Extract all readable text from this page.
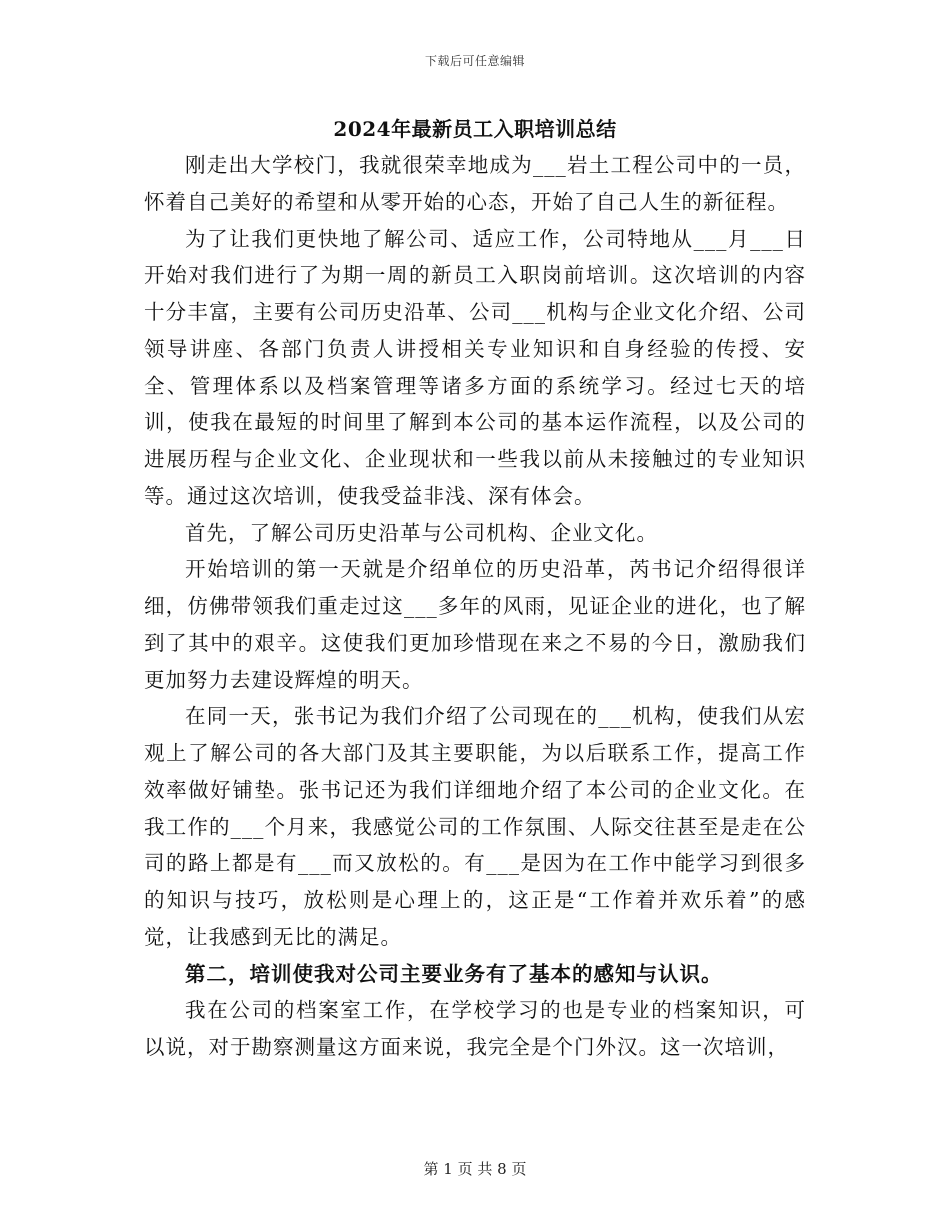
下载后可任意编辑
2024年最新员工入职培训总结

刚走出大学校门，我就很荣幸地成为___岩土工程公司中的一员，怀着自己美好的希望和从零开始的心态，开始了自己人生的新征程。

为了让我们更快地了解公司、适应工作，公司特地从___月___日开始对我们进行了为期一周的新员工入职岗前培训。这次培训的内容十分丰富，主要有公司历史沿革、公司___机构与企业文化介绍、公司领导讲座、各部门负责人讲授相关专业知识和自身经验的传授、安全、管理体系以及档案管理等诸多方面的系统学习。经过七天的培训，使我在最短的时间里了解到本公司的基本运作流程，以及公司的进展历程与企业文化、企业现状和一些我以前从未接触过的专业知识等。通过这次培训，使我受益非浅、深有体会。

首先，了解公司历史沿革与公司机构、企业文化。

开始培训的第一天就是介绍单位的历史沿革，芮书记介绍得很详细，仿佛带领我们重走过这___多年的风雨，见证企业的进化，也了解到了其中的艰辛。这使我们更加珍惜现在来之不易的今日，激励我们更加努力去建设辉煌的明天。

在同一天，张书记为我们介绍了公司现在的___机构，使我们从宏观上了解公司的各大部门及其主要职能，为以后联系工作，提高工作效率做好铺垫。张书记还为我们详细地介绍了本公司的企业文化。在我工作的___个月来，我感觉公司的工作氛围、人际交往甚至是走在公司的路上都是有___而又放松的。有___是因为在工作中能学习到很多的知识与技巧，放松则是心理上的，这正是“工作着并欢乐着”的感觉，让我感到无比的满足。

第二，培训使我对公司主要业务有了基本的感知与认识。

我在公司的档案室工作，在学校学习的也是专业的档案知识，可以说，对于勘察测量这方面来说，我完全是个门外汉。这一次培训，

第 1 页 共 8 页
